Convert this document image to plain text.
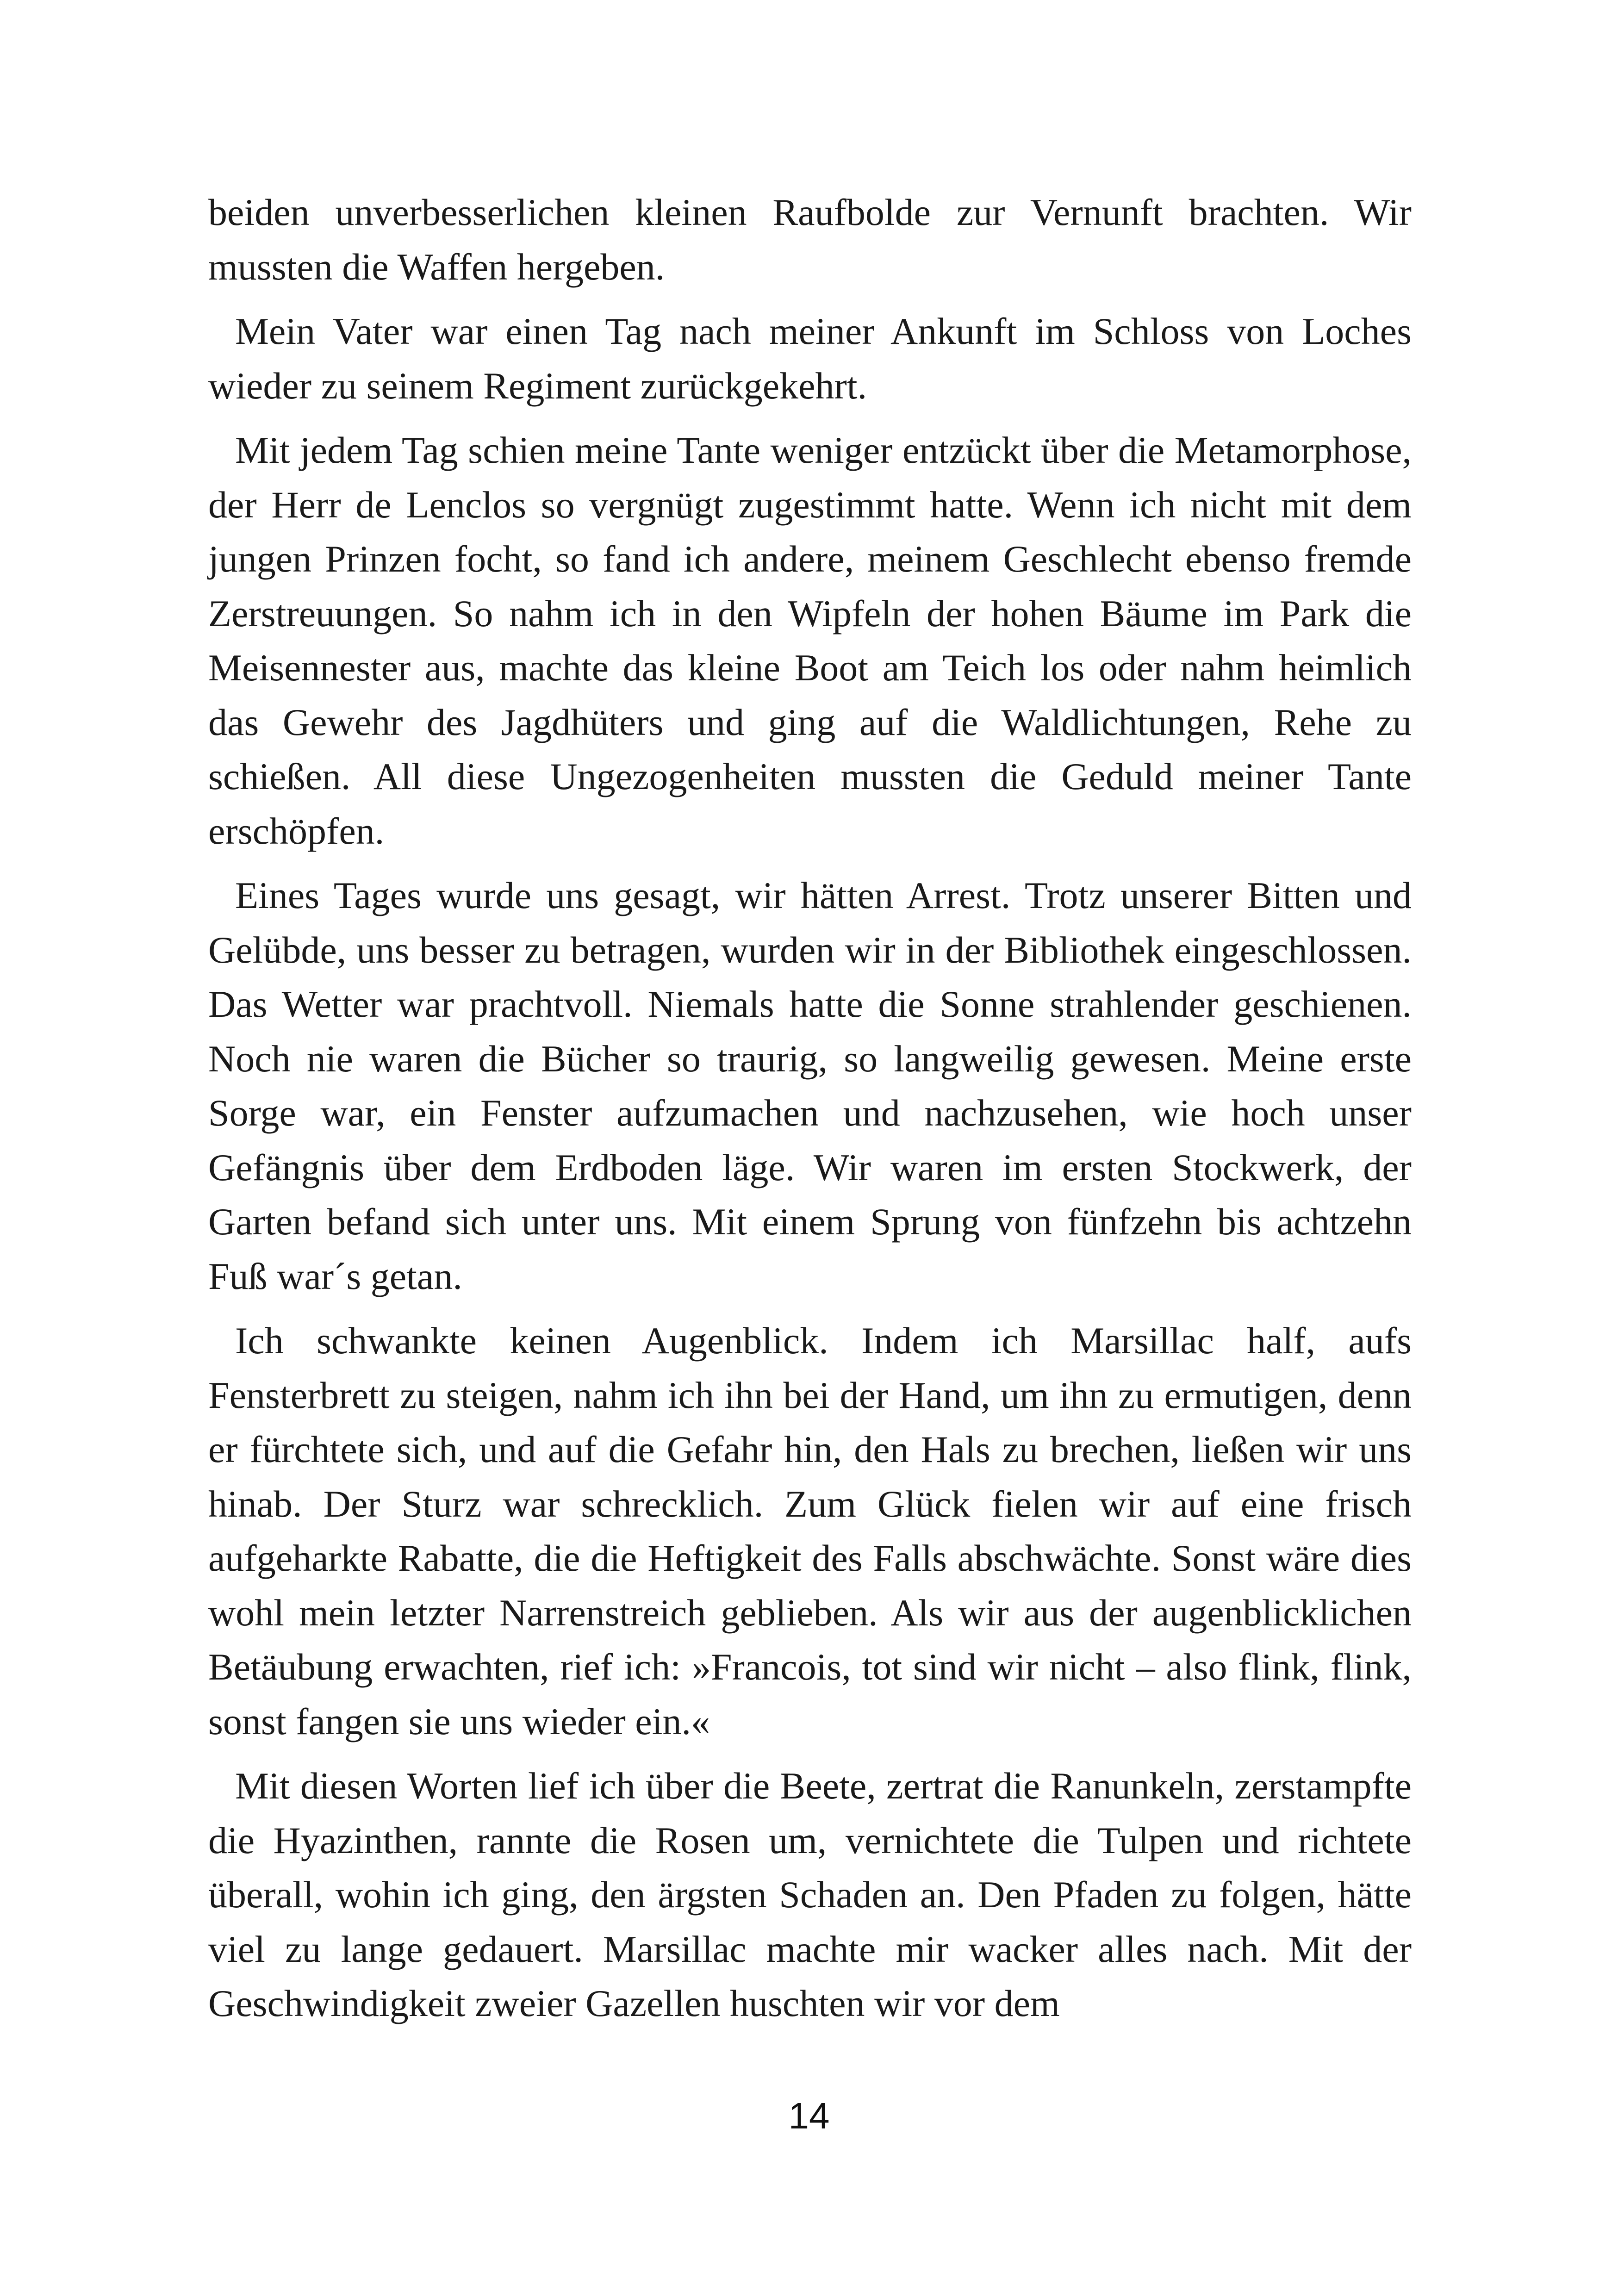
beiden unverbesserlichen kleinen Raufbolde zur Vernunft brachten. Wir mussten die Waffen hergeben.

Mein Vater war einen Tag nach meiner Ankunft im Schloss von Loches wieder zu seinem Regiment zurückgekehrt.

Mit jedem Tag schien meine Tante weniger entzückt über die Metamorphose, der Herr de Lenclos so vergnügt zugestimmt hatte. Wenn ich nicht mit dem jungen Prinzen focht, so fand ich andere, meinem Geschlecht ebenso fremde Zerstreuungen. So nahm ich in den Wipfeln der hohen Bäume im Park die Meisennester aus, machte das kleine Boot am Teich los oder nahm heimlich das Gewehr des Jagdhüters und ging auf die Waldlichtungen, Rehe zu schießen. All diese Ungezogenheiten mussten die Geduld meiner Tante erschöpfen.

Eines Tages wurde uns gesagt, wir hätten Arrest. Trotz unserer Bitten und Gelübde, uns besser zu betragen, wurden wir in der Bibliothek eingeschlossen. Das Wetter war prachtvoll. Niemals hatte die Sonne strahlender geschienen. Noch nie waren die Bücher so traurig, so langweilig gewesen. Meine erste Sorge war, ein Fenster aufzumachen und nachzusehen, wie hoch unser Gefängnis über dem Erdboden läge. Wir waren im ersten Stockwerk, der Garten befand sich unter uns. Mit einem Sprung von fünfzehn bis achtzehn Fuß war´s getan.

Ich schwankte keinen Augenblick. Indem ich Marsillac half, aufs Fensterbrett zu steigen, nahm ich ihn bei der Hand, um ihn zu ermutigen, denn er fürchtete sich, und auf die Gefahr hin, den Hals zu brechen, ließen wir uns hinab. Der Sturz war schrecklich. Zum Glück fielen wir auf eine frisch aufgeharkte Rabatte, die die Heftigkeit des Falls abschwächte. Sonst wäre dies wohl mein letzter Narrenstreich geblieben. Als wir aus der augenblicklichen Betäubung erwachten, rief ich: »Francois, tot sind wir nicht – also flink, flink, sonst fangen sie uns wieder ein.«

Mit diesen Worten lief ich über die Beete, zertrat die Ranunkeln, zerstampfte die Hyazinthen, rannte die Rosen um, vernichtete die Tulpen und richtete überall, wohin ich ging, den ärgsten Schaden an. Den Pfaden zu folgen, hätte viel zu lange gedauert. Marsillac machte mir wacker alles nach. Mit der Geschwindigkeit zweier Gazellen huschten wir vor dem

14
